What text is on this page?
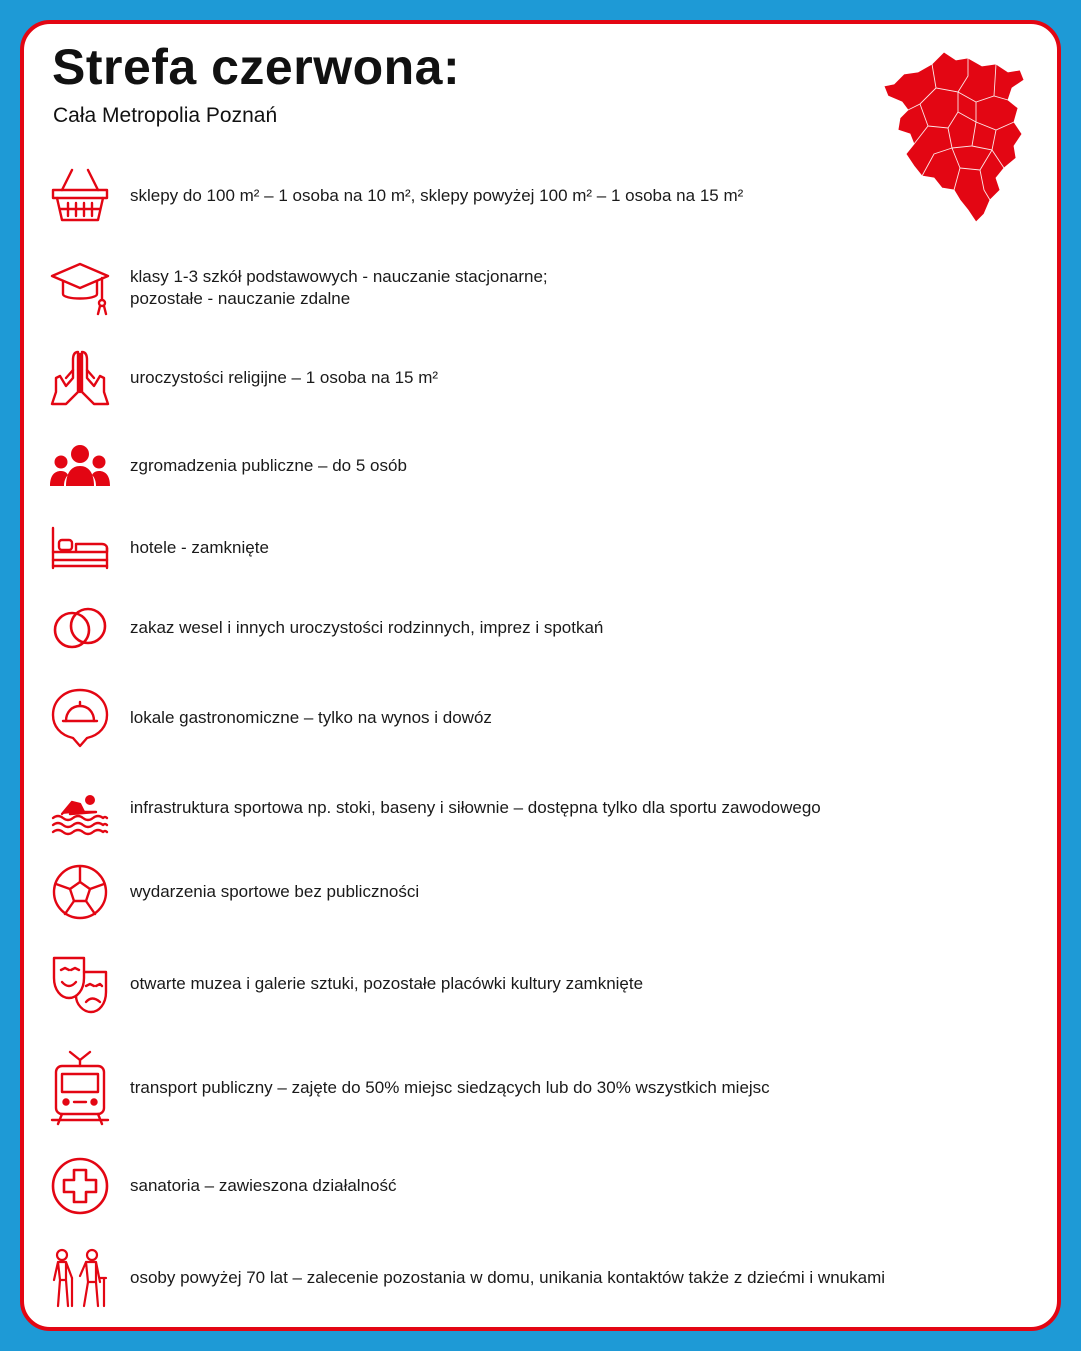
Strefa czerwona:
Cała Metropolia Poznań
sklepy do 100 m² – 1 osoba na 10 m², sklepy powyżej 100 m² – 1 osoba na 15 m²
klasy 1-3 szkół podstawowych - nauczanie stacjonarne;
pozostałe - nauczanie zdalne
uroczystości religijne – 1 osoba na 15 m²
zgromadzenia publiczne – do 5 osób
hotele - zamknięte
zakaz wesel i innych uroczystości rodzinnych, imprez i spotkań
lokale gastronomiczne – tylko na wynos i dowóz
infrastruktura sportowa np. stoki, baseny i siłownie – dostępna tylko dla sportu zawodowego
wydarzenia sportowe bez publiczności
otwarte muzea i galerie sztuki, pozostałe placówki kultury zamknięte
transport publiczny – zajęte do 50% miejsc siedzących lub do 30% wszystkich miejsc
sanatoria – zawieszona działalność
osoby powyżej 70 lat – zalecenie pozostania w domu, unikania kontaktów także z dziećmi i wnukami
